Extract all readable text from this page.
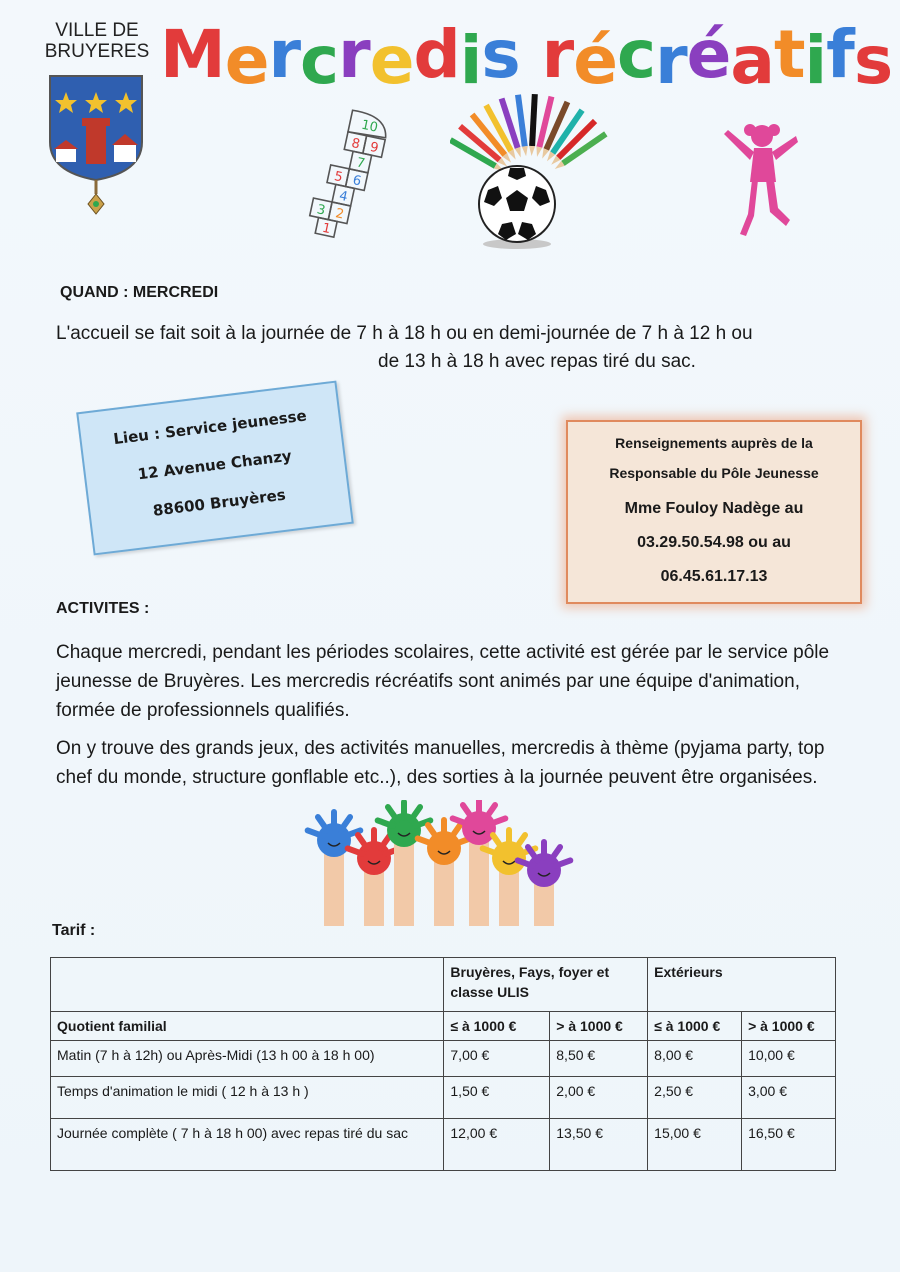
VILLE DE
BRUYERES Mercredis récréatifs
10
8 9
7
5 6
4
3 2
1
QUAND : MERCREDI
L'accueil se fait soit à la journée de 7 h à 18 h ou en demi-journée de 7 h à 12 h ou
de 13 h à 18 h avec repas tiré du sac.
Lieu : Service jeunesse
12 Avenue Chanzy
88600 Bruyères
Renseignements auprès de la
Responsable du Pôle Jeunesse
Mme Fouloy Nadège au
03.29.50.54.98 ou au
06.45.61.17.13
ACTIVITES :
Chaque mercredi, pendant les périodes scolaires, cette activité est gérée par le service pôle jeunesse de Bruyères. Les mercredis récréatifs sont animés par une équipe d'animation, formée de professionnels qualifiés.
On y trouve des grands jeux, des activités manuelles, mercredis à thème (pyjama party, top chef du monde, structure gonflable etc..), des sorties à la journée peuvent être organisées.
Tarif :
	Bruyères, Fays, foyer et classe ULIS		Extérieurs	
Quotient familial	≤ à 1000 €	> à 1000 €	≤ à 1000 €	> à 1000 €
Matin (7 h à 12h) ou Après-Midi (13 h 00 à 18 h 00)	7,00 €	8,50 €	8,00 €	10,00 €
Temps d'animation le midi ( 12 h à 13 h )	1,50 €	2,00 €	2,50 €	3,00 €
Journée complète ( 7 h à 18 h 00) avec repas tiré du sac	12,00 €	13,50 €	15,00 €	16,50 €
